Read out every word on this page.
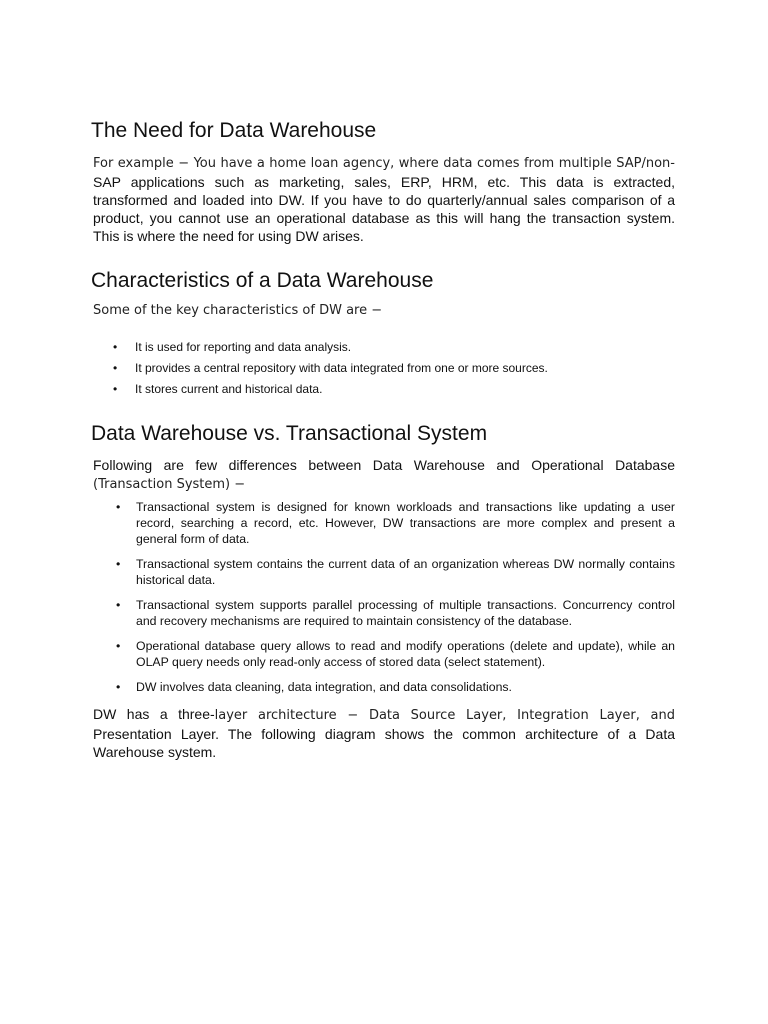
The Need for Data Warehouse

For example − You have a home loan agency, where data comes from multiple SAP/non- SAP applications such as marketing, sales, ERP, HRM, etc. This data is extracted, transformed and loaded into DW. If you have to do quarterly/annual sales comparison of a product, you cannot use an operational database as this will hang the transaction system. This is where the need for using DW arises.

Characteristics of a Data Warehouse

Some of the key characteristics of DW are −

• It is used for reporting and data analysis.
• It provides a central repository with data integrated from one or more sources.
• It stores current and historical data.
Data Warehouse vs. Transactional System

Following are few differences between Data Warehouse and Operational Database (Transaction System) −

• Transactional system is designed for known workloads and transactions like updating a user record, searching a record, etc. However, DW transactions are more complex and present a general form of data.
• Transactional system contains the current data of an organization whereas DW normally contains historical data.
• Transactional system supports parallel processing of multiple transactions. Concurrency control and recovery mechanisms are required to maintain consistency of the database.
• Operational database query allows to read and modify operations (delete and update), while an OLAP query needs only read-only access of stored data (select statement).
• DW involves data cleaning, data integration, and data consolidations.

DW has a three-layer architecture − Data Source Layer, Integration Layer, and Presentation Layer. The following diagram shows the common architecture of a Data Warehouse system.
